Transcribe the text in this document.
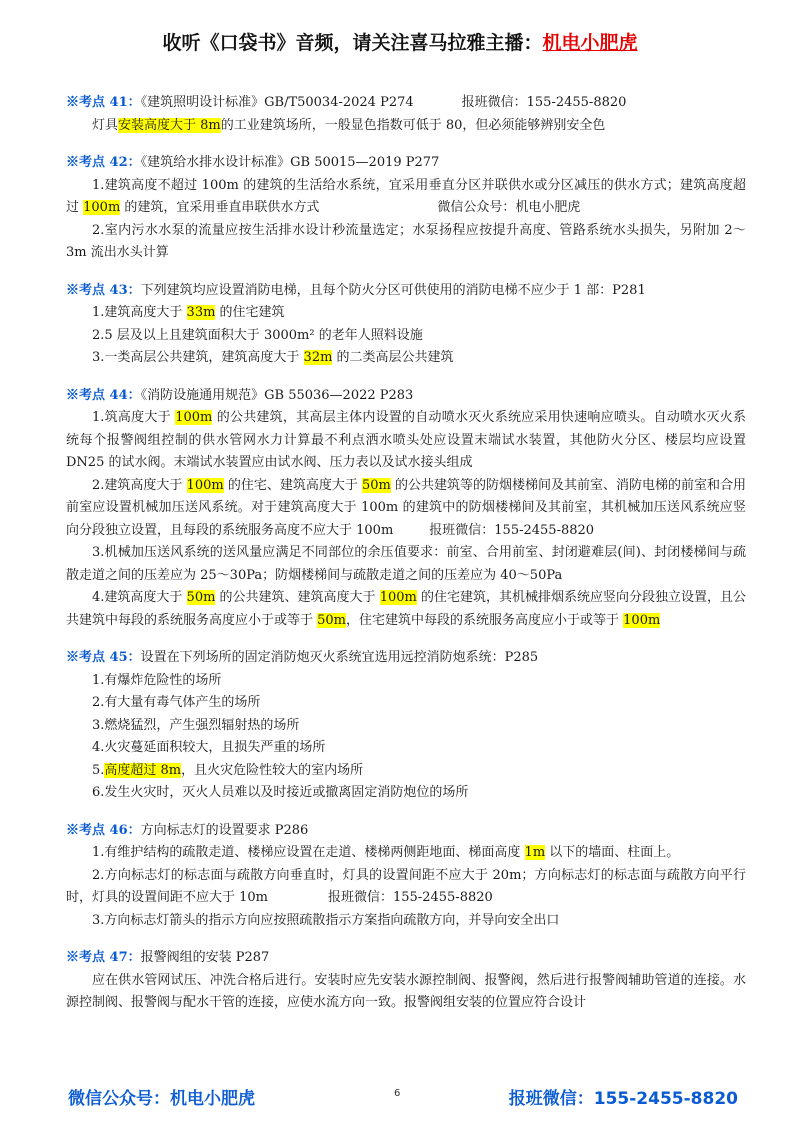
收听《口袋书》音频，请关注喜马拉雅主播：机电小肥虎
※考点 41：《建筑照明设计标准》GB/T50034-2024 P274	报班微信：155-2455-8820
灯具安装高度大于 8m的工业建筑场所，一般显色指数可低于 80，但必须能够辨别安全色
※考点 42：《建筑给水排水设计标准》GB 50015—2019 P277
1.建筑高度不超过 100m 的建筑的生活给水系统，宜采用垂直分区并联供水或分区减压的供水方式；建筑高度超过 100m 的建筑，宜采用垂直串联供水方式	微信公众号：机电小肥虎
2.室内污水水泵的流量应按生活排水设计秒流量选定；水泵扬程应按提升高度、管路系统水头损失，另附加 2～3m 流出水头计算
※考点 43：下列建筑均应设置消防电梯，且每个防火分区可供使用的消防电梯不应少于 1 部：P281
1.建筑高度大于 33m 的住宅建筑
2.5 层及以上且建筑面积大于 3000m² 的老年人照料设施
3.一类高层公共建筑，建筑高度大于 32m 的二类高层公共建筑
※考点 44：《消防设施通用规范》GB 55036—2022 P283
1.筑高度大于 100m 的公共建筑，其高层主体内设置的自动喷水灭火系统应采用快速响应喷头。自动喷水灭火系统每个报警阀组控制的供水管网水力计算最不利点洒水喷头处应设置末端试水装置，其他防火分区、楼层均应设置 DN25 的试水阀。末端试水装置应由试水阀、压力表以及试水接头组成
2.建筑高度大于 100m 的住宅、建筑高度大于 50m 的公共建筑等的防烟楼梯间及其前室、消防电梯的前室和合用前室应设置机械加压送风系统。对于建筑高度大于 100m 的建筑中的防烟楼梯间及其前室，其机械加压送风系统应竖向分段独立设置，且每段的系统服务高度不应大于 100m	报班微信：155-2455-8820
3.机械加压送风系统的送风量应满足不同部位的余压值要求：前室、合用前室、封闭避难层(间)、封闭楼梯间与疏散走道之间的压差应为 25～30Pa；防烟楼梯间与疏散走道之间的压差应为 40～50Pa
4.建筑高度大于 50m 的公共建筑、建筑高度大于 100m 的住宅建筑，其机械排烟系统应竖向分段独立设置，且公共建筑中每段的系统服务高度应小于或等于 50m，住宅建筑中每段的系统服务高度应小于或等于 100m
※考点 45：设置在下列场所的固定消防炮灭火系统宜选用远控消防炮系统：P285
1.有爆炸危险性的场所
2.有大量有毒气体产生的场所
3.燃烧猛烈，产生强烈辐射热的场所
4.火灾蔓延面积较大，且损失严重的场所
5.高度超过 8m，且火灾危险性较大的室内场所
6.发生火灾时，灭火人员难以及时接近或撤离固定消防炮位的场所
※考点 46：方向标志灯的设置要求 P286
1.有维护结构的疏散走道、楼梯应设置在走道、楼梯两侧距地面、梯面高度 1m 以下的墙面、柱面上。
2.方向标志灯的标志面与疏散方向垂直时，灯具的设置间距不应大于 20m；方向标志灯的标志面与疏散方向平行时，灯具的设置间距不应大于 10m	报班微信：155-2455-8820
3.方向标志灯箭头的指示方向应按照疏散指示方案指向疏散方向，并导向安全出口
※考点 47：报警阀组的安装 P287
应在供水管网试压、冲洗合格后进行。安装时应先安装水源控制阀、报警阀，然后进行报警阀辅助管道的连接。水源控制阀、报警阀与配水干管的连接，应使水流方向一致。报警阀组安装的位置应符合设计
微信公众号：机电小肥虎	6	报班微信：155-2455-8820
